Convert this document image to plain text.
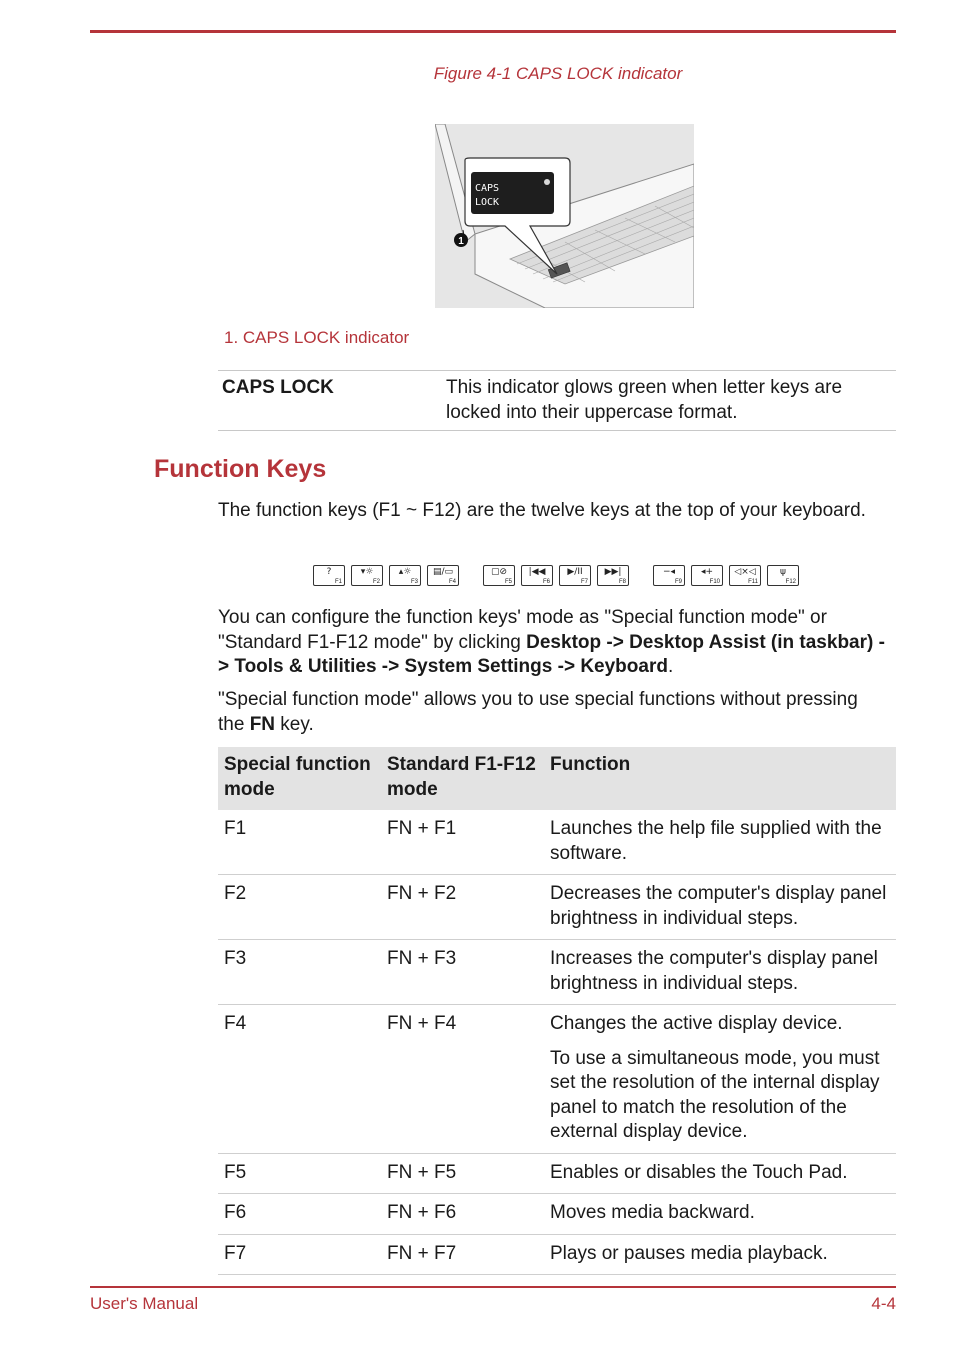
Figure 4-1 CAPS LOCK indicator
CAPS
LOCK
1
1. CAPS LOCK indicator
CAPS LOCK	This indicator glows green when letter keys are locked into their uppercase format.
Function Keys

The function keys (F1 ~ F12) are the twelve keys at the top of your keyboard.

?
F1
▾☼
F2
▴☼
F3
▤/▭
F4
▢⊘
F5
|◀◀
F6
▶/II
F7
▶▶|
F8
−◂
F9
◂+
F10
◁×◁
F11
ψ
F12

You can configure the function keys' mode as "Special function mode" or "Standard F1-F12 mode" by clicking Desktop -> Desktop Assist (in taskbar) -> Tools & Utilities -> System Settings -> Keyboard.

"Special function mode" allows you to use special functions without pressing the FN key.

Special function mode	Standard F1-F12 mode	Function
F1	FN + F1	Launches the help file supplied with the software.

F2	FN + F2	Decreases the computer's display panel brightness in individual steps.

F3	FN + F3	Increases the computer's display panel brightness in individual steps.

F4	FN + F4	Changes the active display device.

To use a simultaneous mode, you must set the resolution of the internal display panel to match the resolution of the external display device.

F5	FN + F5	Enables or disables the Touch Pad.

F6	FN + F6	Moves media backward.

F7	FN + F7	Plays or pauses media playback.

User's Manual	4-4
